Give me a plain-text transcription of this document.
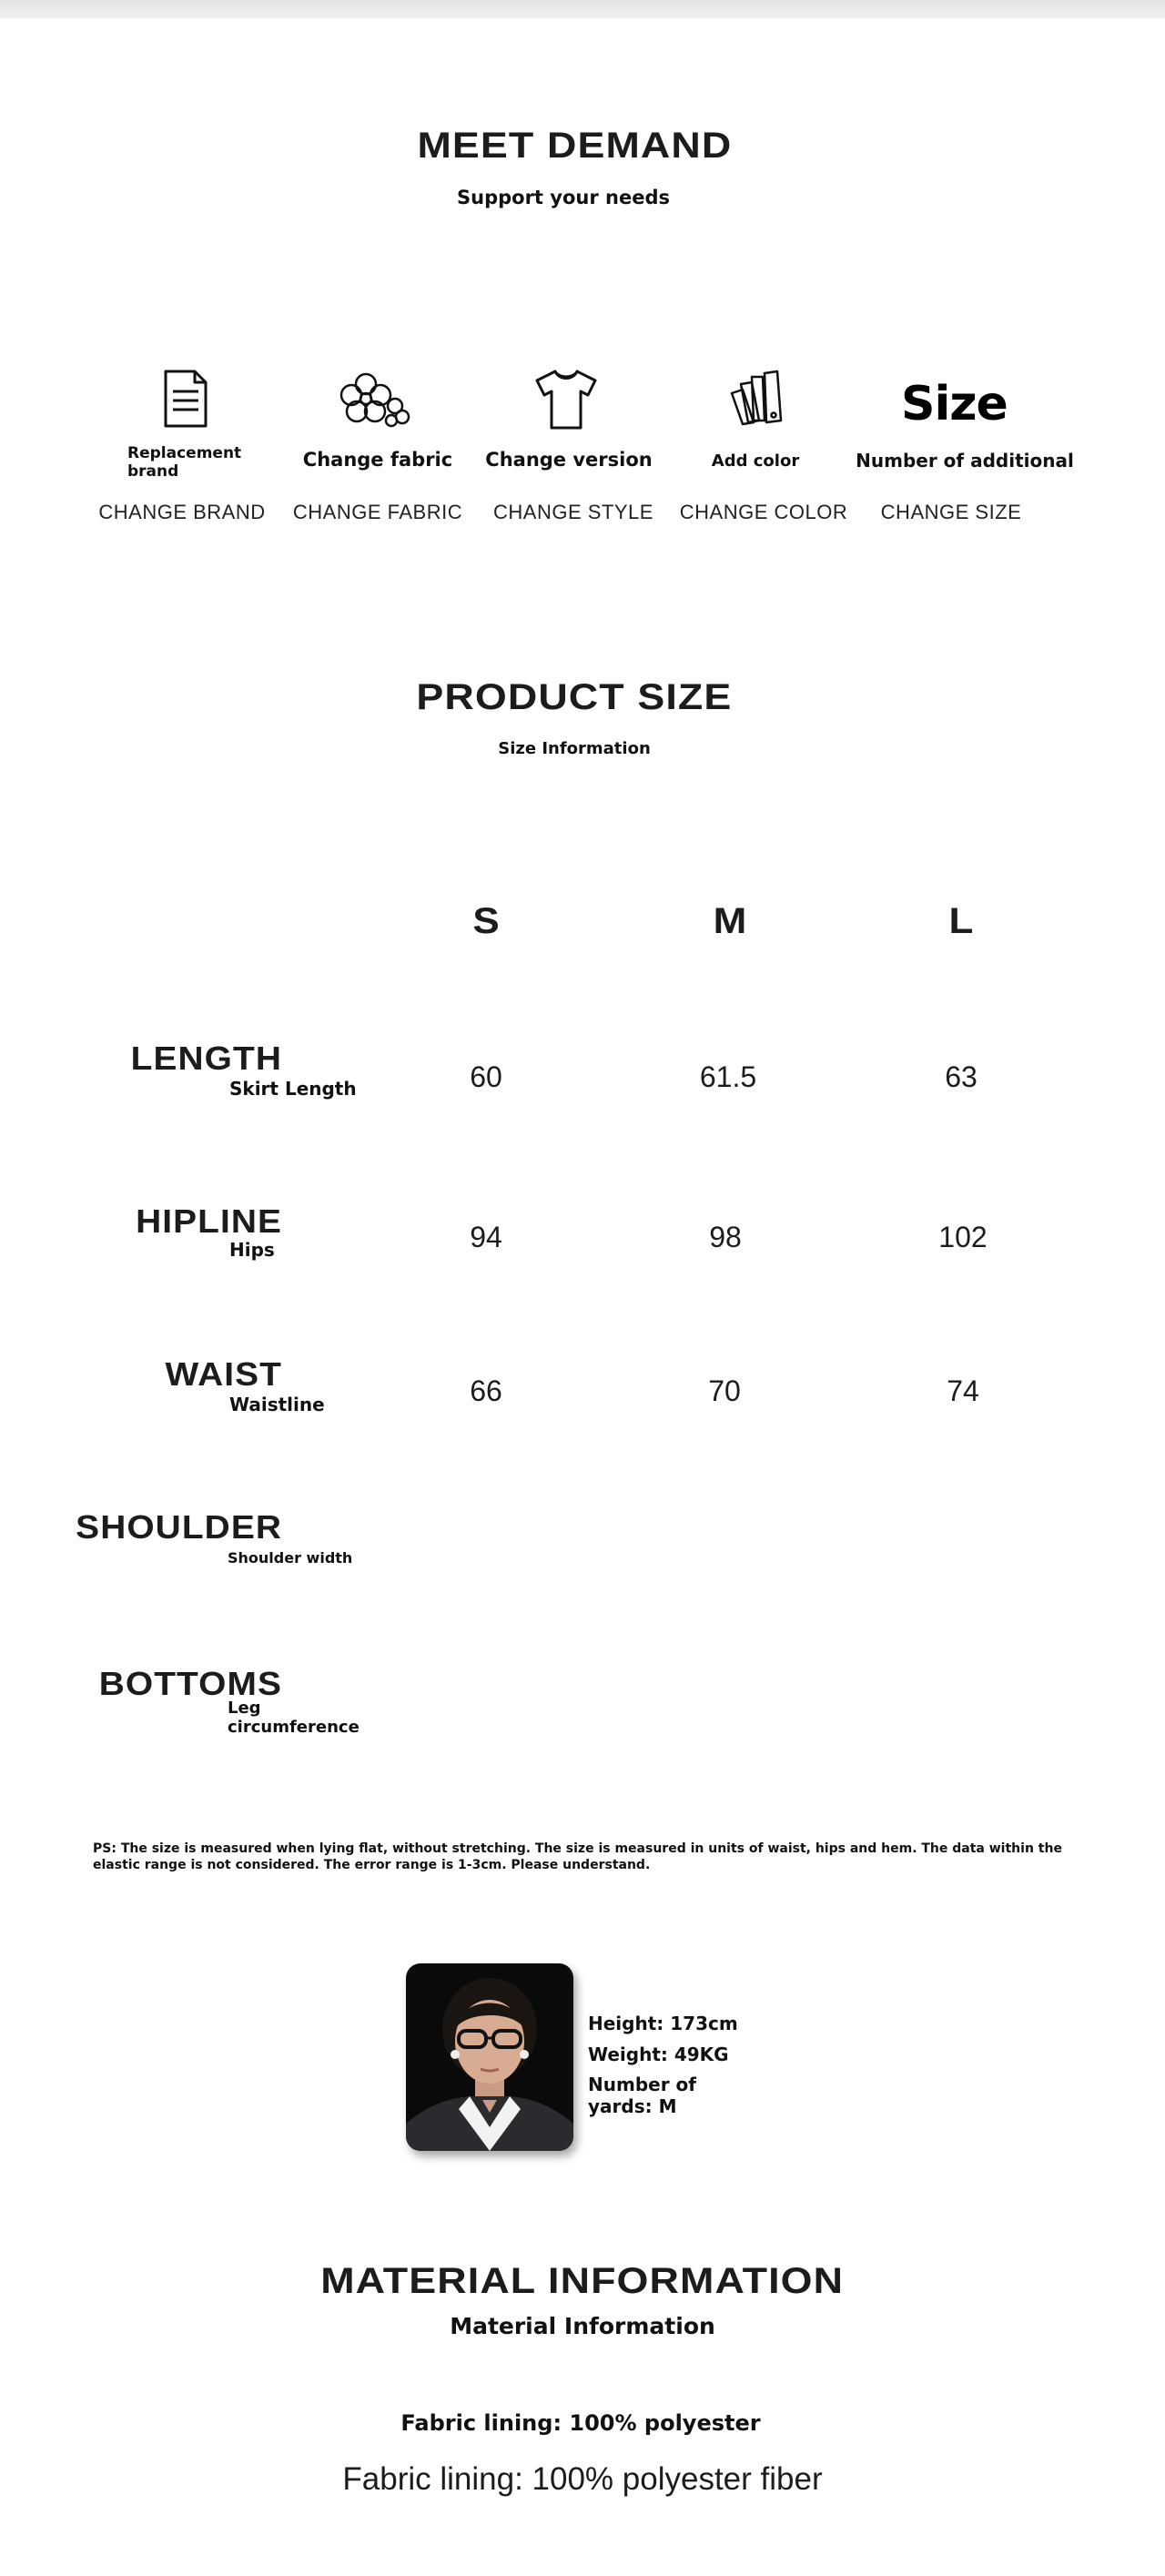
MEET DEMAND
Support your needs
Replacement brand
CHANGE BRAND
Change fabric
CHANGE FABRIC
Change version
CHANGE STYLE
Add color
CHANGE COLOR
Size
Number of additional
CHANGE SIZE
PRODUCT SIZE
Size Information
S	M	L
LENGTH
Skirt Length	60	61.5	63
HIPLINE
Hips	94	98	102
WAIST
Waistline	66	70	74
SHOULDER
Shoulder width
BOTTOMS
Leg circumference
PS: The size is measured when lying flat, without stretching. The size is measured in units of waist, hips and hem. The data within the elastic range is not considered. The error range is 1-3cm. Please understand.
Height: 173cm
Weight: 49KG
Number of yards: M
MATERIAL INFORMATION
Material Information
Fabric lining: 100% polyester
Fabric lining: 100% polyester fiber
